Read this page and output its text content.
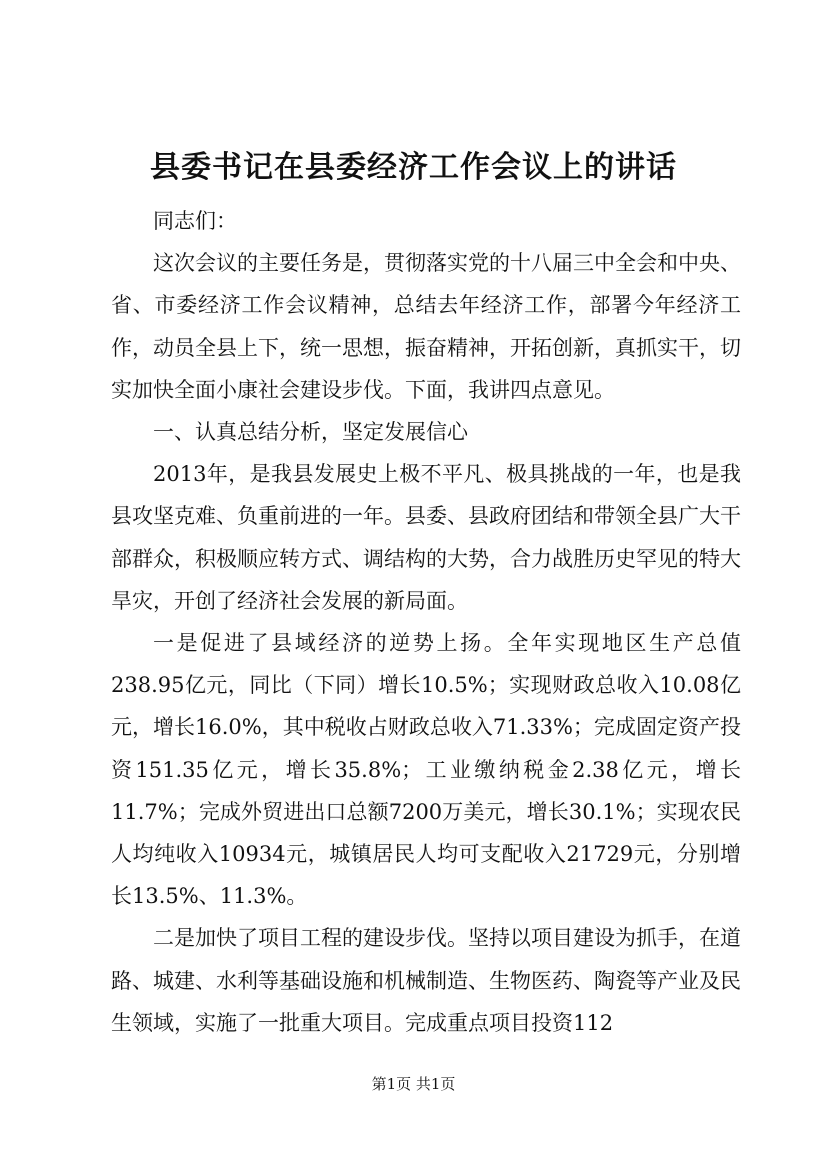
县委书记在县委经济工作会议上的讲话

同志们：

这次会议的主要任务是，贯彻落实党的十八届三中全会和中央、省、市委经济工作会议精神，总结去年经济工作，部署今年经济工作，动员全县上下，统一思想，振奋精神，开拓创新，真抓实干，切实加快全面小康社会建设步伐。下面，我讲四点意见。

一、认真总结分析，坚定发展信心

2013年，是我县发展史上极不平凡、极具挑战的一年，也是我县攻坚克难、负重前进的一年。县委、县政府团结和带领全县广大干部群众，积极顺应转方式、调结构的大势，合力战胜历史罕见的特大旱灾，开创了经济社会发展的新局面。

一是促进了县域经济的逆势上扬。全年实现地区生产总值238.95亿元，同比（下同）增长10.5%；实现财政总收入10.08亿元，增长16.0%，其中税收占财政总收入71.33%；完成固定资产投资151.35亿元，增长35.8%；工业缴纳税金2.38亿元，增长11.7%；完成外贸进出口总额7200万美元，增长30.1%；实现农民人均纯收入10934元，城镇居民人均可支配收入21729元，分别增长13.5%、11.3%。

二是加快了项目工程的建设步伐。坚持以项目建设为抓手，在道路、城建、水利等基础设施和机械制造、生物医药、陶瓷等产业及民生领域，实施了一批重大项目。完成重点项目投资112

第1页 共1页
